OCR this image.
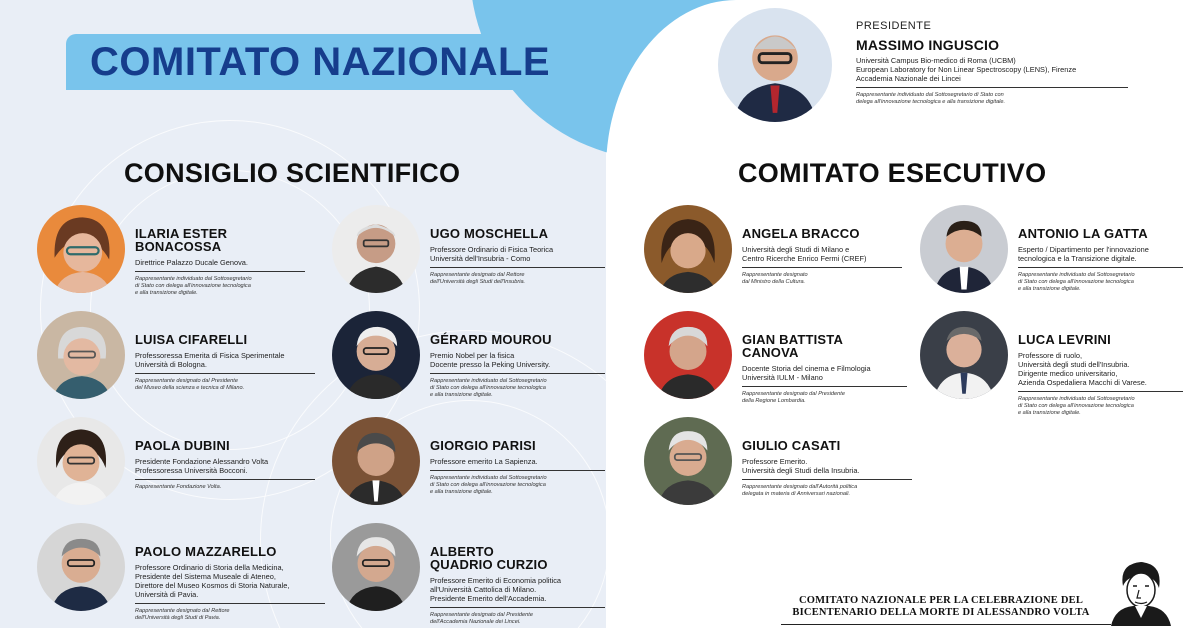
COMITATO NAZIONALE
PRESIDENTE
MASSIMO INGUSCIO
Università Campus Bio-medico di Roma (UCBM)
European Laboratory for Non Linear Spectroscopy (LENS), Firenze
Accademia Nazionale dei Lincei
Rappresentante individuato dal Sottosegretario di Stato con
delega all'innovazione tecnologica e alla transizione digitale.
CONSIGLIO SCIENTIFICO	COMITATO ESECUTIVO
ILARIA ESTER
BONACOSSA
Direttrice Palazzo Ducale Genova.
Rappresentante individuato dal Sottosegretario
di Stato con delega all'innovazione tecnologica
e alla transizione digitale.
UGO MOSCHELLA
Professore Ordinario di Fisica Teorica
Università dell'Insubria - Como
Rappresentante designato dal Rettore
dell'Università degli Studi dell'Insubria.
LUISA CIFARELLI
Professoressa Emerita di Fisica Sperimentale
Università di Bologna.
Rappresentante designato dal Presidente
del Museo della scienza e tecnica di Milano.
GÉRARD MOUROU
Premio Nobel per la fisica
Docente presso la Peking University.
Rappresentante individuato dal Sottosegretario
di Stato con delega all'innovazione tecnologica
e alla transizione digitale.
PAOLA DUBINI
Presidente Fondazione Alessandro Volta
Professoressa Università Bocconi.
Rappresentante Fondazione Volta.
GIORGIO PARISI
Professore emerito La Sapienza.
Rappresentante individuato dal Sottosegretario
di Stato con delega all'innovazione tecnologica
e alla transizione digitale.
PAOLO MAZZARELLO
Professore Ordinario di Storia della Medicina,
Presidente del Sistema Museale di Ateneo,
Direttore del Museo Kosmos di Storia Naturale,
Università di Pavia.
Rappresentante designato dal Rettore
dell'Università degli Studi di Pavia.
ALBERTO
QUADRIO CURZIO
Professore Emerito di Economia politica
all'Università Cattolica di Milano.
Presidente Emerito dell'Accademia.
Rappresentante designato dal Presidente
dell'Accademia Nazionale dei Lincei.
ANGELA BRACCO
Università degli Studi di Milano e
Centro Ricerche Enrico Fermi (CREF)
Rappresentante designato
dal Ministro della Cultura.
ANTONIO LA GATTA
Esperto / Dipartimento per l'innovazione
tecnologica e la Transizione digitale.
Rappresentante individuato dal Sottosegretario
di Stato con delega all'innovazione tecnologica
e alla transizione digitale.
GIAN BATTISTA
CANOVA
Docente Storia del cinema e Filmologia
Università IULM - Milano
Rappresentante designato dal Presidente
della Regione Lombardia.
LUCA LEVRINI
Professore di ruolo,
Università degli studi dell'Insubria.
Dirigente medico universitario,
Azienda Ospedaliera Macchi di Varese.
Rappresentante individuato dal Sottosegretario
di Stato con delega all'innovazione tecnologica
e alla transizione digitale.
GIULIO CASATI
Professore Emerito.
Università degli Studi della Insubria.
Rappresentante designato dall'Autorità politica
delegata in materia di Anniversari nazionali.
COMITATO NAZIONALE PER LA CELEBRAZIONE DEL
BICENTENARIO DELLA MORTE DI ALESSANDRO VOLTA
